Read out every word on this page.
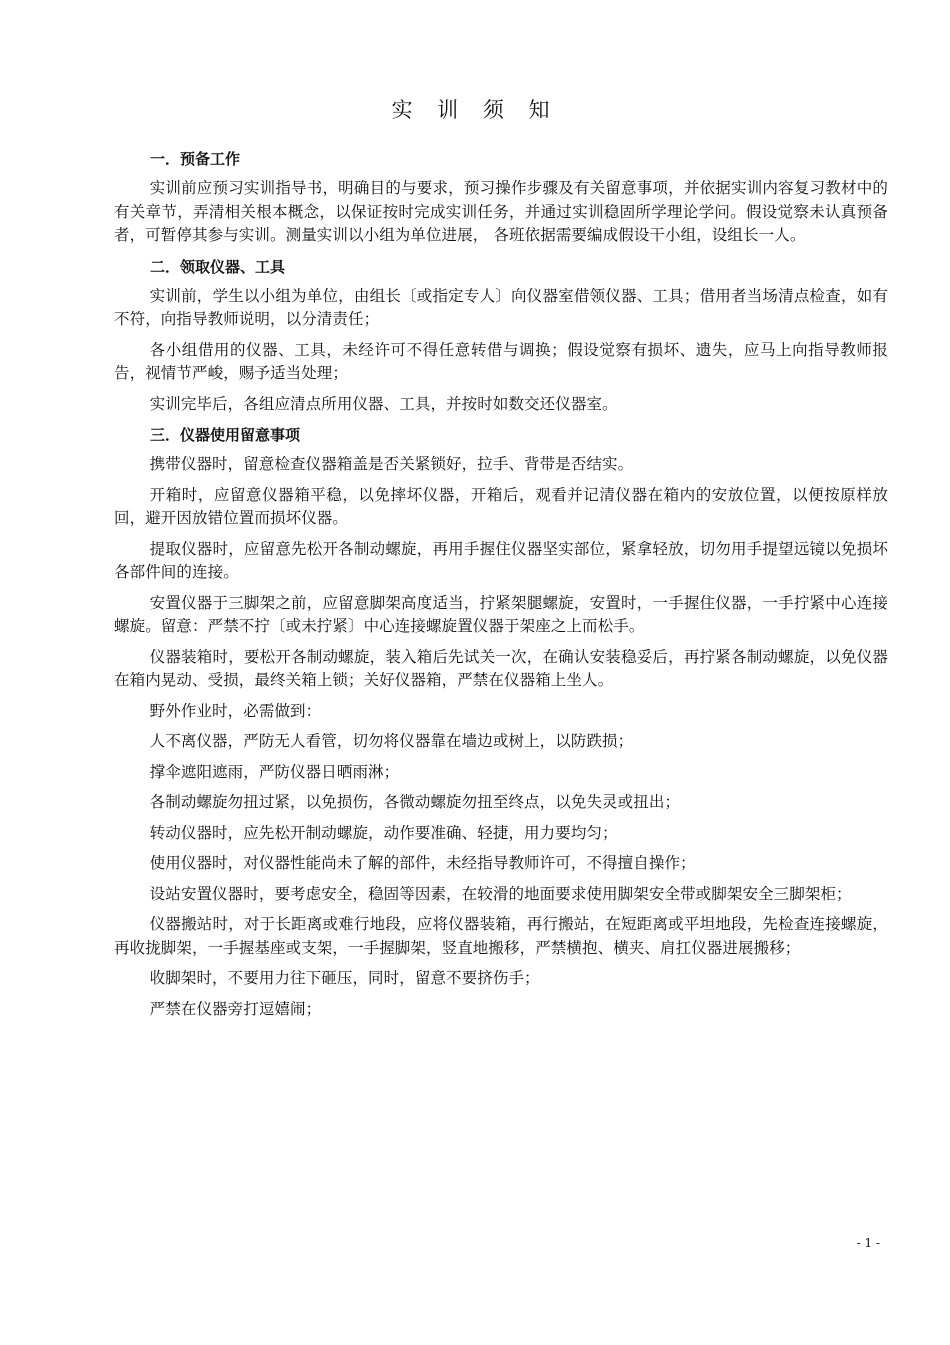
实 训 须 知
一．预备工作

实训前应预习实训指导书，明确目的与要求，预习操作步骤及有关留意事项，并依据实训内容复习教材中的有关章节，弄清相关根本概念，以保证按时完成实训任务，并通过实训稳固所学理论学问。假设觉察未认真预备者，可暂停其参与实训。测量实训以小组为单位进展， 各班依据需要编成假设干小组，设组长一人。

二．领取仪器、工具

实训前，学生以小组为单位，由组长〔或指定专人〕向仪器室借领仪器、工具；借用者当场清点检查，如有不符，向指导教师说明，以分清责任；

各小组借用的仪器、工具，未经许可不得任意转借与调换；假设觉察有损坏、遗失，应马上向指导教师报告，视情节严峻，赐予适当处理；

实训完毕后，各组应清点所用仪器、工具，并按时如数交还仪器室。

三．仪器使用留意事项

携带仪器时，留意检查仪器箱盖是否关紧锁好，拉手、背带是否结实。

开箱时，应留意仪器箱平稳，以免摔坏仪器，开箱后，观看并记清仪器在箱内的安放位置，以便按原样放回，避开因放错位置而损坏仪器。

提取仪器时，应留意先松开各制动螺旋，再用手握住仪器坚实部位，紧拿轻放，切勿用手提望远镜以免损坏各部件间的连接。

安置仪器于三脚架之前，应留意脚架高度适当，拧紧架腿螺旋，安置时，一手握住仪器，一手拧紧中心连接螺旋。留意：严禁不拧〔或未拧紧〕中心连接螺旋置仪器于架座之上而松手。

仪器装箱时，要松开各制动螺旋，装入箱后先试关一次，在确认安装稳妥后，再拧紧各制动螺旋，以免仪器在箱内晃动、受损，最终关箱上锁；关好仪器箱，严禁在仪器箱上坐人。

野外作业时，必需做到：

人不离仪器，严防无人看管，切勿将仪器靠在墙边或树上，以防跌损；

撑伞遮阳遮雨，严防仪器日晒雨淋；

各制动螺旋勿扭过紧，以免损伤，各微动螺旋勿扭至终点，以免失灵或扭出；

转动仪器时，应先松开制动螺旋，动作要准确、轻捷，用力要均匀；

使用仪器时，对仪器性能尚未了解的部件，未经指导教师许可，不得擅自操作；

设站安置仪器时，要考虑安全，稳固等因素，在较滑的地面要求使用脚架安全带或脚架安全三脚架柜；

仪器搬站时，对于长距离或难行地段，应将仪器装箱，再行搬站，在短距离或平坦地段，先检查连接螺旋，再收拢脚架，一手握基座或支架，一手握脚架，竖直地搬移，严禁横抱、横夹、肩扛仪器进展搬移；

收脚架时，不要用力往下砸压，同时，留意不要挤伤手；

严禁在仪器旁打逗嬉闹；

- 1 -
